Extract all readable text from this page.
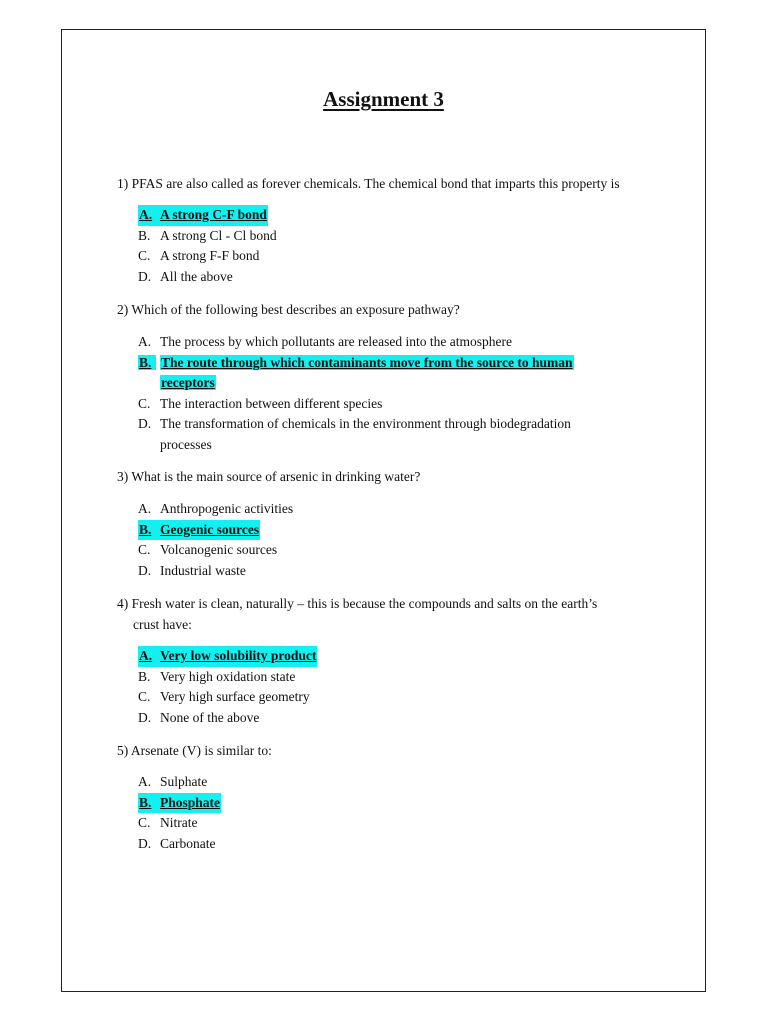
Assignment 3
1) PFAS are also called as forever chemicals. The chemical bond that imparts this property is
A. A strong C-F bond
B. A strong Cl - Cl bond
C. A strong F-F bond
D. All the above
2) Which of the following best describes an exposure pathway?
A. The process by which pollutants are released into the atmosphere
B. The route through which contaminants move from the source to human
receptors
C. The interaction between different species
D. The transformation of chemicals in the environment through biodegradation
processes
3) What is the main source of arsenic in drinking water?
A. Anthropogenic activities
B. Geogenic sources
C. Volcanogenic sources
D. Industrial waste
4) Fresh water is clean, naturally – this is because the compounds and salts on the earth’s
crust have:
A. Very low solubility product
B. Very high oxidation state
C. Very high surface geometry
D. None of the above
5) Arsenate (V) is similar to:
A. Sulphate
B. Phosphate
C. Nitrate
D. Carbonate
